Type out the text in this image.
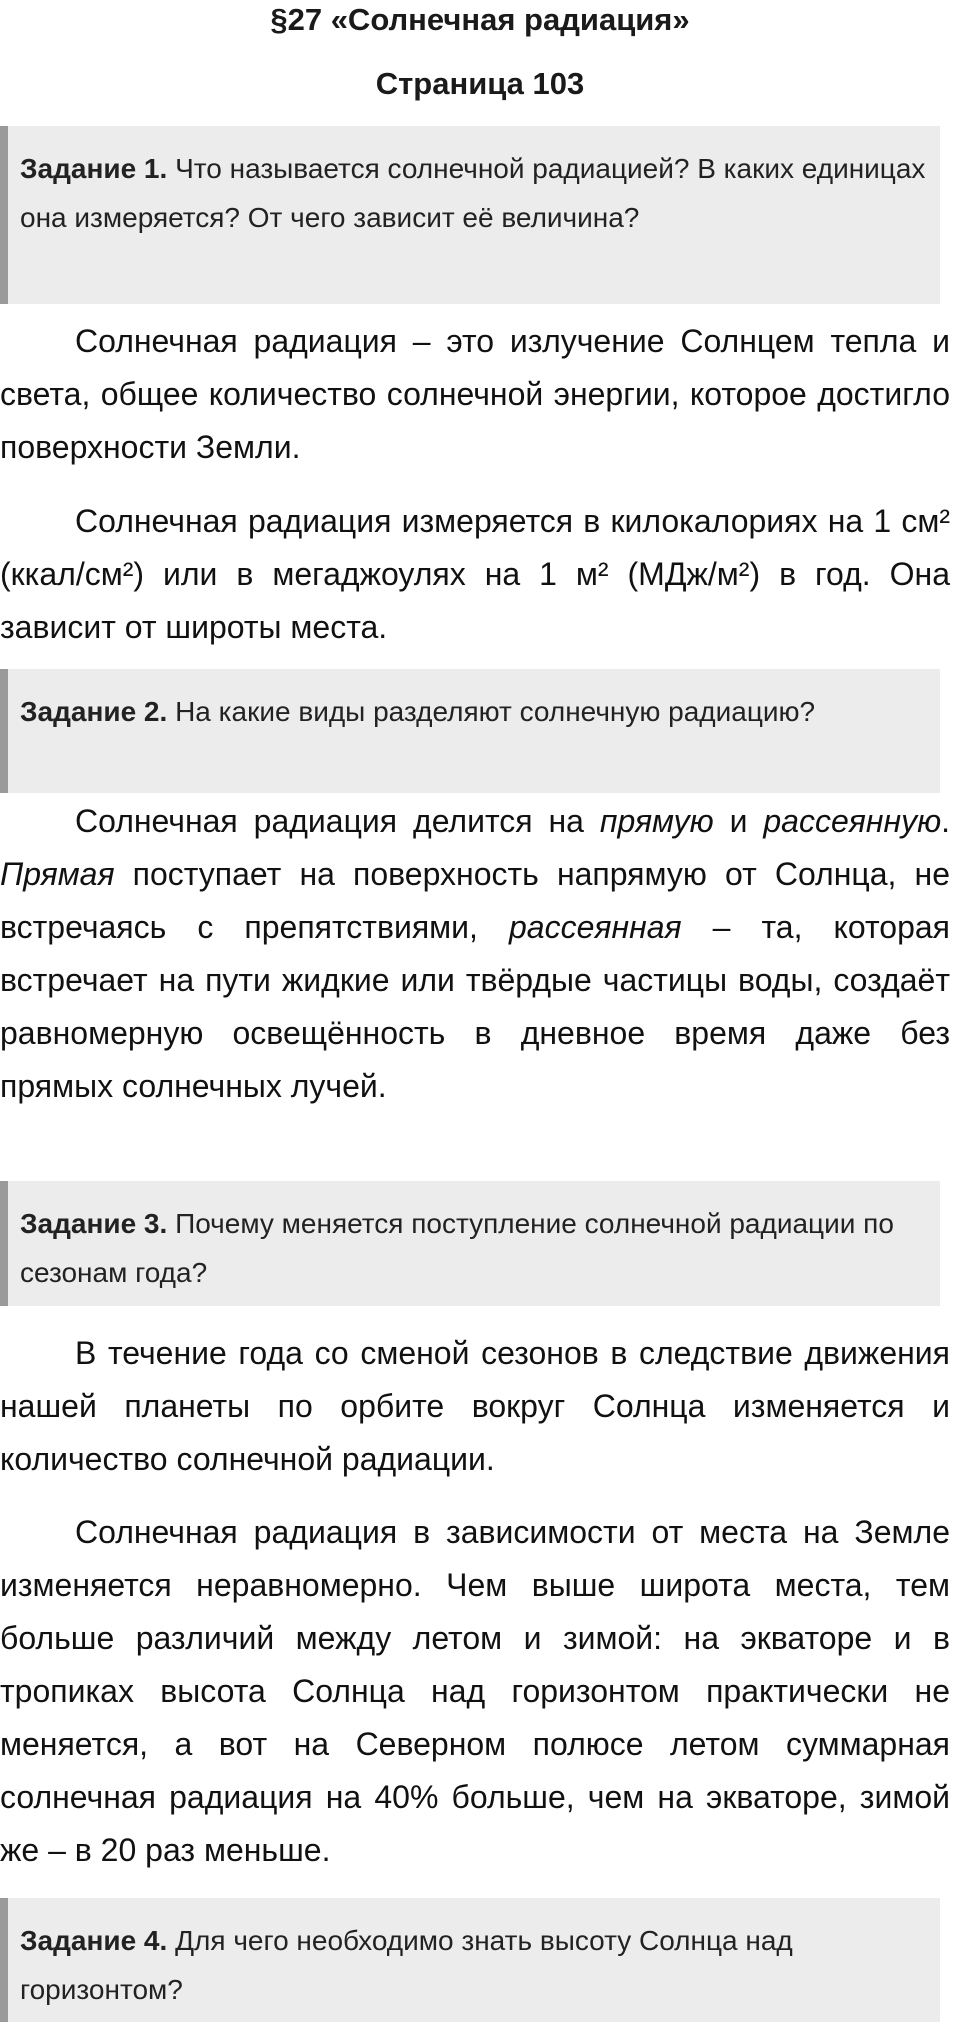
§27 «Солнечная радиация»
Страница 103
Задание 1. Что называется солнечной радиацией? В каких единицах она измеряется? От чего зависит её величина?

Солнечная радиация – это излучение Солнцем тепла и света, общее количество солнечной энергии, которое достигло поверхности Земли.

Солнечная радиация измеряется в килокалориях на 1 см² (ккал/см²) или в мегаджоулях на 1 м² (МДж/м²) в год. Она зависит от широты места.

Задание 2. На какие виды разделяют солнечную радиацию?

Солнечная радиация делится на прямую и рассеянную. Прямая поступает на поверхность напрямую от Солнца, не встречаясь с препятствиями, рассеянная – та, которая встречает на пути жидкие или твёрдые частицы воды, создаёт равномерную освещённость в дневное время даже без прямых солнечных лучей.

Задание 3. Почему меняется поступление солнечной радиации по сезонам года?

В течение года со сменой сезонов в следствие движения нашей планеты по орбите вокруг Солнца изменяется и количество солнечной радиации.

Солнечная радиация в зависимости от места на Земле изменяется неравномерно. Чем выше широта места, тем больше различий между летом и зимой: на экваторе и в тропиках высота Солнца над горизонтом практически не меняется, а вот на Северном полюсе летом суммарная солнечная радиация на 40% больше, чем на экваторе, зимой же – в 20 раз меньше.

Задание 4. Для чего необходимо знать высоту Солнца над горизонтом?
